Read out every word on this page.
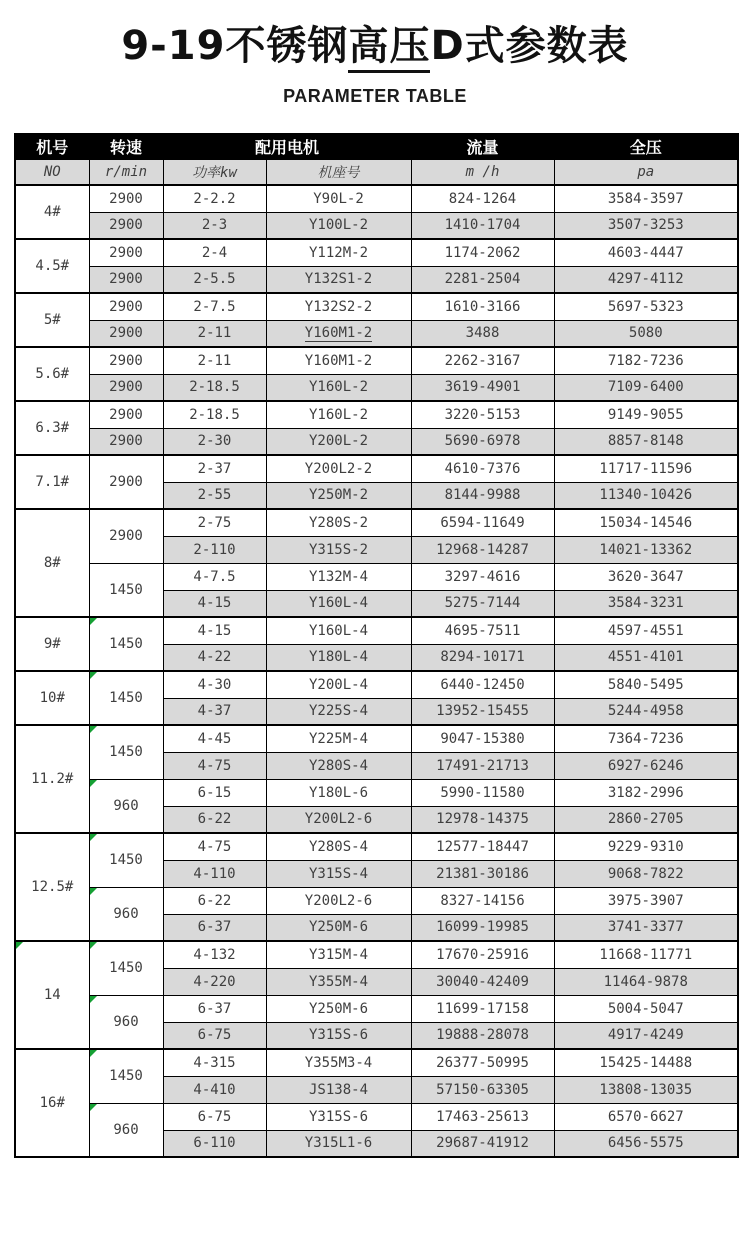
9-19不锈钢高压D式参数表
PARAMETER TABLE
机号	转速	配用电机		流量	全压
NO	r/min	功率kw	机座号	m /h	pa
4#	2900	2-2.2	Y90L-2	824-1264	3584-3597
	2900	2-3	Y100L-2	1410-1704	3507-3253
4.5#	2900	2-4	Y112M-2	1174-2062	4603-4447
	2900	2-5.5	Y132S1-2	2281-2504	4297-4112
5#	2900	2-7.5	Y132S2-2	1610-3166	5697-5323
	2900	2-11	Y160M1-2	3488	5080
5.6#	2900	2-11	Y160M1-2	2262-3167	7182-7236
	2900	2-18.5	Y160L-2	3619-4901	7109-6400
6.3#	2900	2-18.5	Y160L-2	3220-5153	9149-9055
	2900	2-30	Y200L-2	5690-6978	8857-8148
7.1#	2900	2-37	Y200L2-2	4610-7376	11717-11596
		2-55	Y250M-2	8144-9988	11340-10426
8#	2900	2-75	Y280S-2	6594-11649	15034-14546
		2-110	Y315S-2	12968-14287	14021-13362
	1450	4-7.5	Y132M-4	3297-4616	3620-3647
		4-15	Y160L-4	5275-7144	3584-3231
9#	1450	4-15	Y160L-4	4695-7511	4597-4551
		4-22	Y180L-4	8294-10171	4551-4101
10#	1450	4-30	Y200L-4	6440-12450	5840-5495
		4-37	Y225S-4	13952-15455	5244-4958
11.2#	1450	4-45	Y225M-4	9047-15380	7364-7236
		4-75	Y280S-4	17491-21713	6927-6246
	960	6-15	Y180L-6	5990-11580	3182-2996
		6-22	Y200L2-6	12978-14375	2860-2705
12.5#	1450	4-75	Y280S-4	12577-18447	9229-9310
		4-110	Y315S-4	21381-30186	9068-7822
	960	6-22	Y200L2-6	8327-14156	3975-3907
		6-37	Y250M-6	16099-19985	3741-3377
14	1450	4-132	Y315M-4	17670-25916	11668-11771
		4-220	Y355M-4	30040-42409	11464-9878
	960	6-37	Y250M-6	11699-17158	5004-5047
		6-75	Y315S-6	19888-28078	4917-4249
16#	1450	4-315	Y355M3-4	26377-50995	15425-14488
		4-410	JS138-4	57150-63305	13808-13035
	960	6-75	Y315S-6	17463-25613	6570-6627
		6-110	Y315L1-6	29687-41912	6456-5575
